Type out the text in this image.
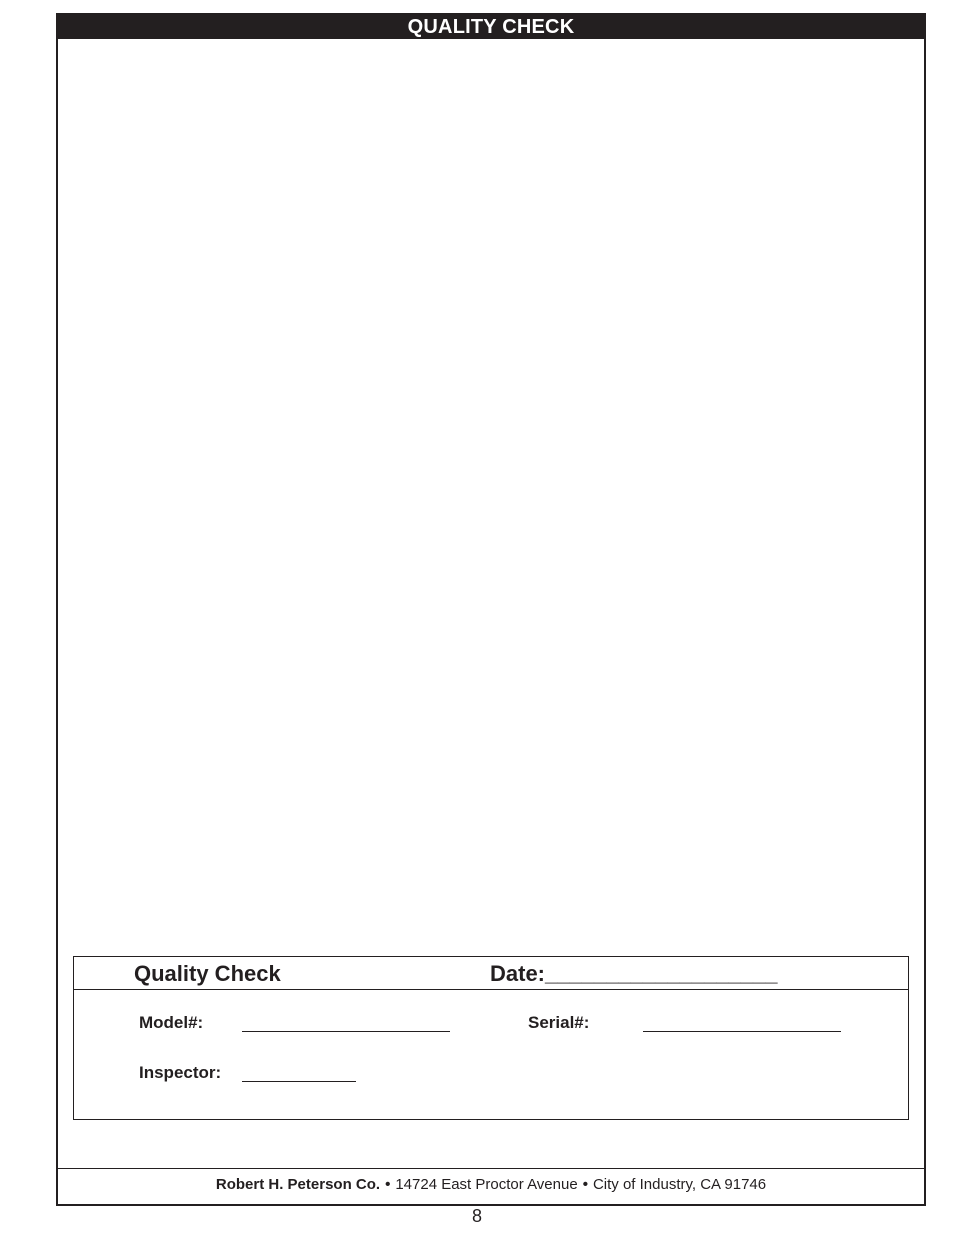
QUALITY CHECK
Quality Check	Date:___________________
Model#:	Serial#:
Inspector:
Robert H. Peterson Co. • 14724 East Proctor Avenue • City of Industry, CA 91746
8
